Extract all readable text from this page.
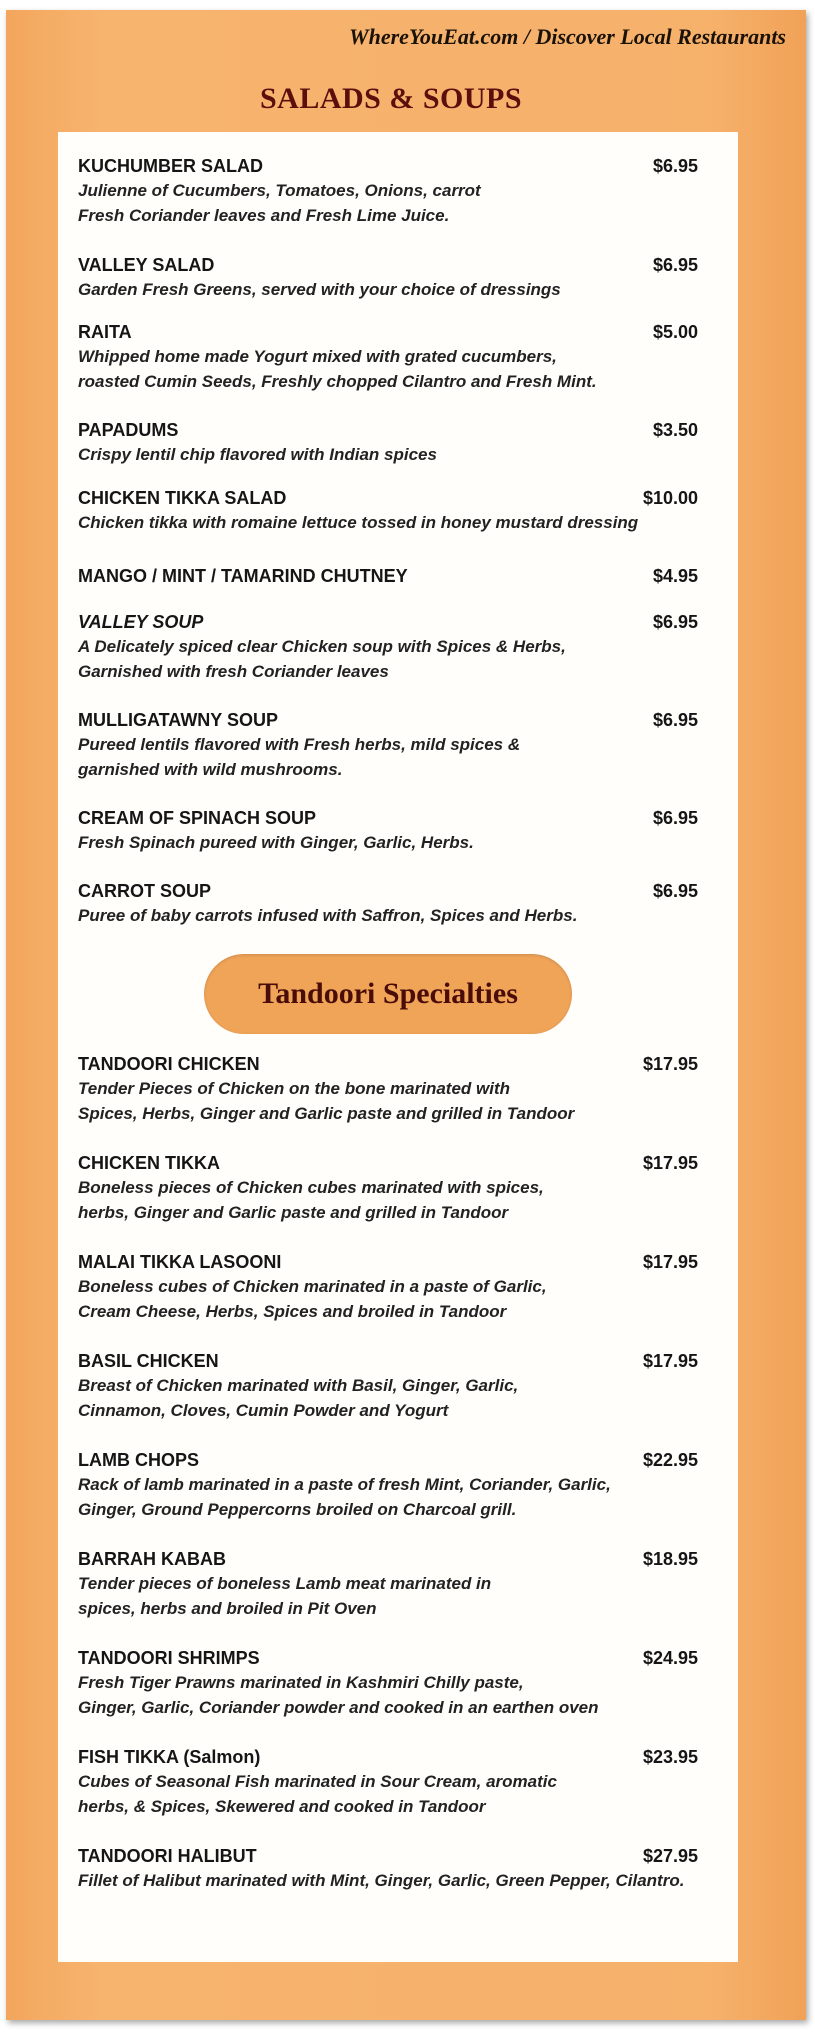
WhereYouEat.com / Discover Local Restaurants
SALADS & SOUPS
KUCHUMBER SALAD	$6.95
Julienne of Cucumbers, Tomatoes, Onions, carrot
Fresh Coriander leaves and Fresh Lime Juice.
VALLEY SALAD	$6.95
Garden Fresh Greens, served with your choice of dressings
RAITA	$5.00
Whipped home made Yogurt mixed with grated cucumbers,
roasted Cumin Seeds, Freshly chopped Cilantro and Fresh Mint.
PAPADUMS	$3.50
Crispy lentil chip flavored with Indian spices
CHICKEN TIKKA SALAD	$10.00
Chicken tikka with romaine lettuce tossed in honey mustard dressing
MANGO / MINT / TAMARIND CHUTNEY	$4.95
VALLEY SOUP	$6.95
A Delicately spiced clear Chicken soup with Spices & Herbs,
Garnished with fresh Coriander leaves
MULLIGATAWNY SOUP	$6.95
Pureed lentils flavored with Fresh herbs, mild spices &
garnished with wild mushrooms.
CREAM OF SPINACH SOUP	$6.95
Fresh Spinach pureed with Ginger, Garlic, Herbs.
CARROT SOUP	$6.95
Puree of baby carrots infused with Saffron, Spices and Herbs.
Tandoori Specialties
TANDOORI CHICKEN	$17.95
Tender Pieces of Chicken on the bone marinated with
Spices, Herbs, Ginger and Garlic paste and grilled in Tandoor
CHICKEN TIKKA	$17.95
Boneless pieces of Chicken cubes marinated with spices,
herbs, Ginger and Garlic paste and grilled in Tandoor
MALAI TIKKA LASOONI	$17.95
Boneless cubes of Chicken marinated in a paste of Garlic,
Cream Cheese, Herbs, Spices and broiled in Tandoor
BASIL CHICKEN	$17.95
Breast of Chicken marinated with Basil, Ginger, Garlic,
Cinnamon, Cloves, Cumin Powder and Yogurt
LAMB CHOPS	$22.95
Rack of lamb marinated in a paste of fresh Mint, Coriander, Garlic,
Ginger, Ground Peppercorns broiled on Charcoal grill.
BARRAH KABAB	$18.95
Tender pieces of boneless Lamb meat marinated in
spices, herbs and broiled in Pit Oven
TANDOORI SHRIMPS	$24.95
Fresh Tiger Prawns marinated in Kashmiri Chilly paste,
Ginger, Garlic, Coriander powder and cooked in an earthen oven
FISH TIKKA (Salmon)	$23.95
Cubes of Seasonal Fish marinated in Sour Cream, aromatic
herbs, & Spices, Skewered and cooked in Tandoor
TANDOORI HALIBUT	$27.95
Fillet of Halibut marinated with Mint, Ginger, Garlic, Green Pepper, Cilantro.
